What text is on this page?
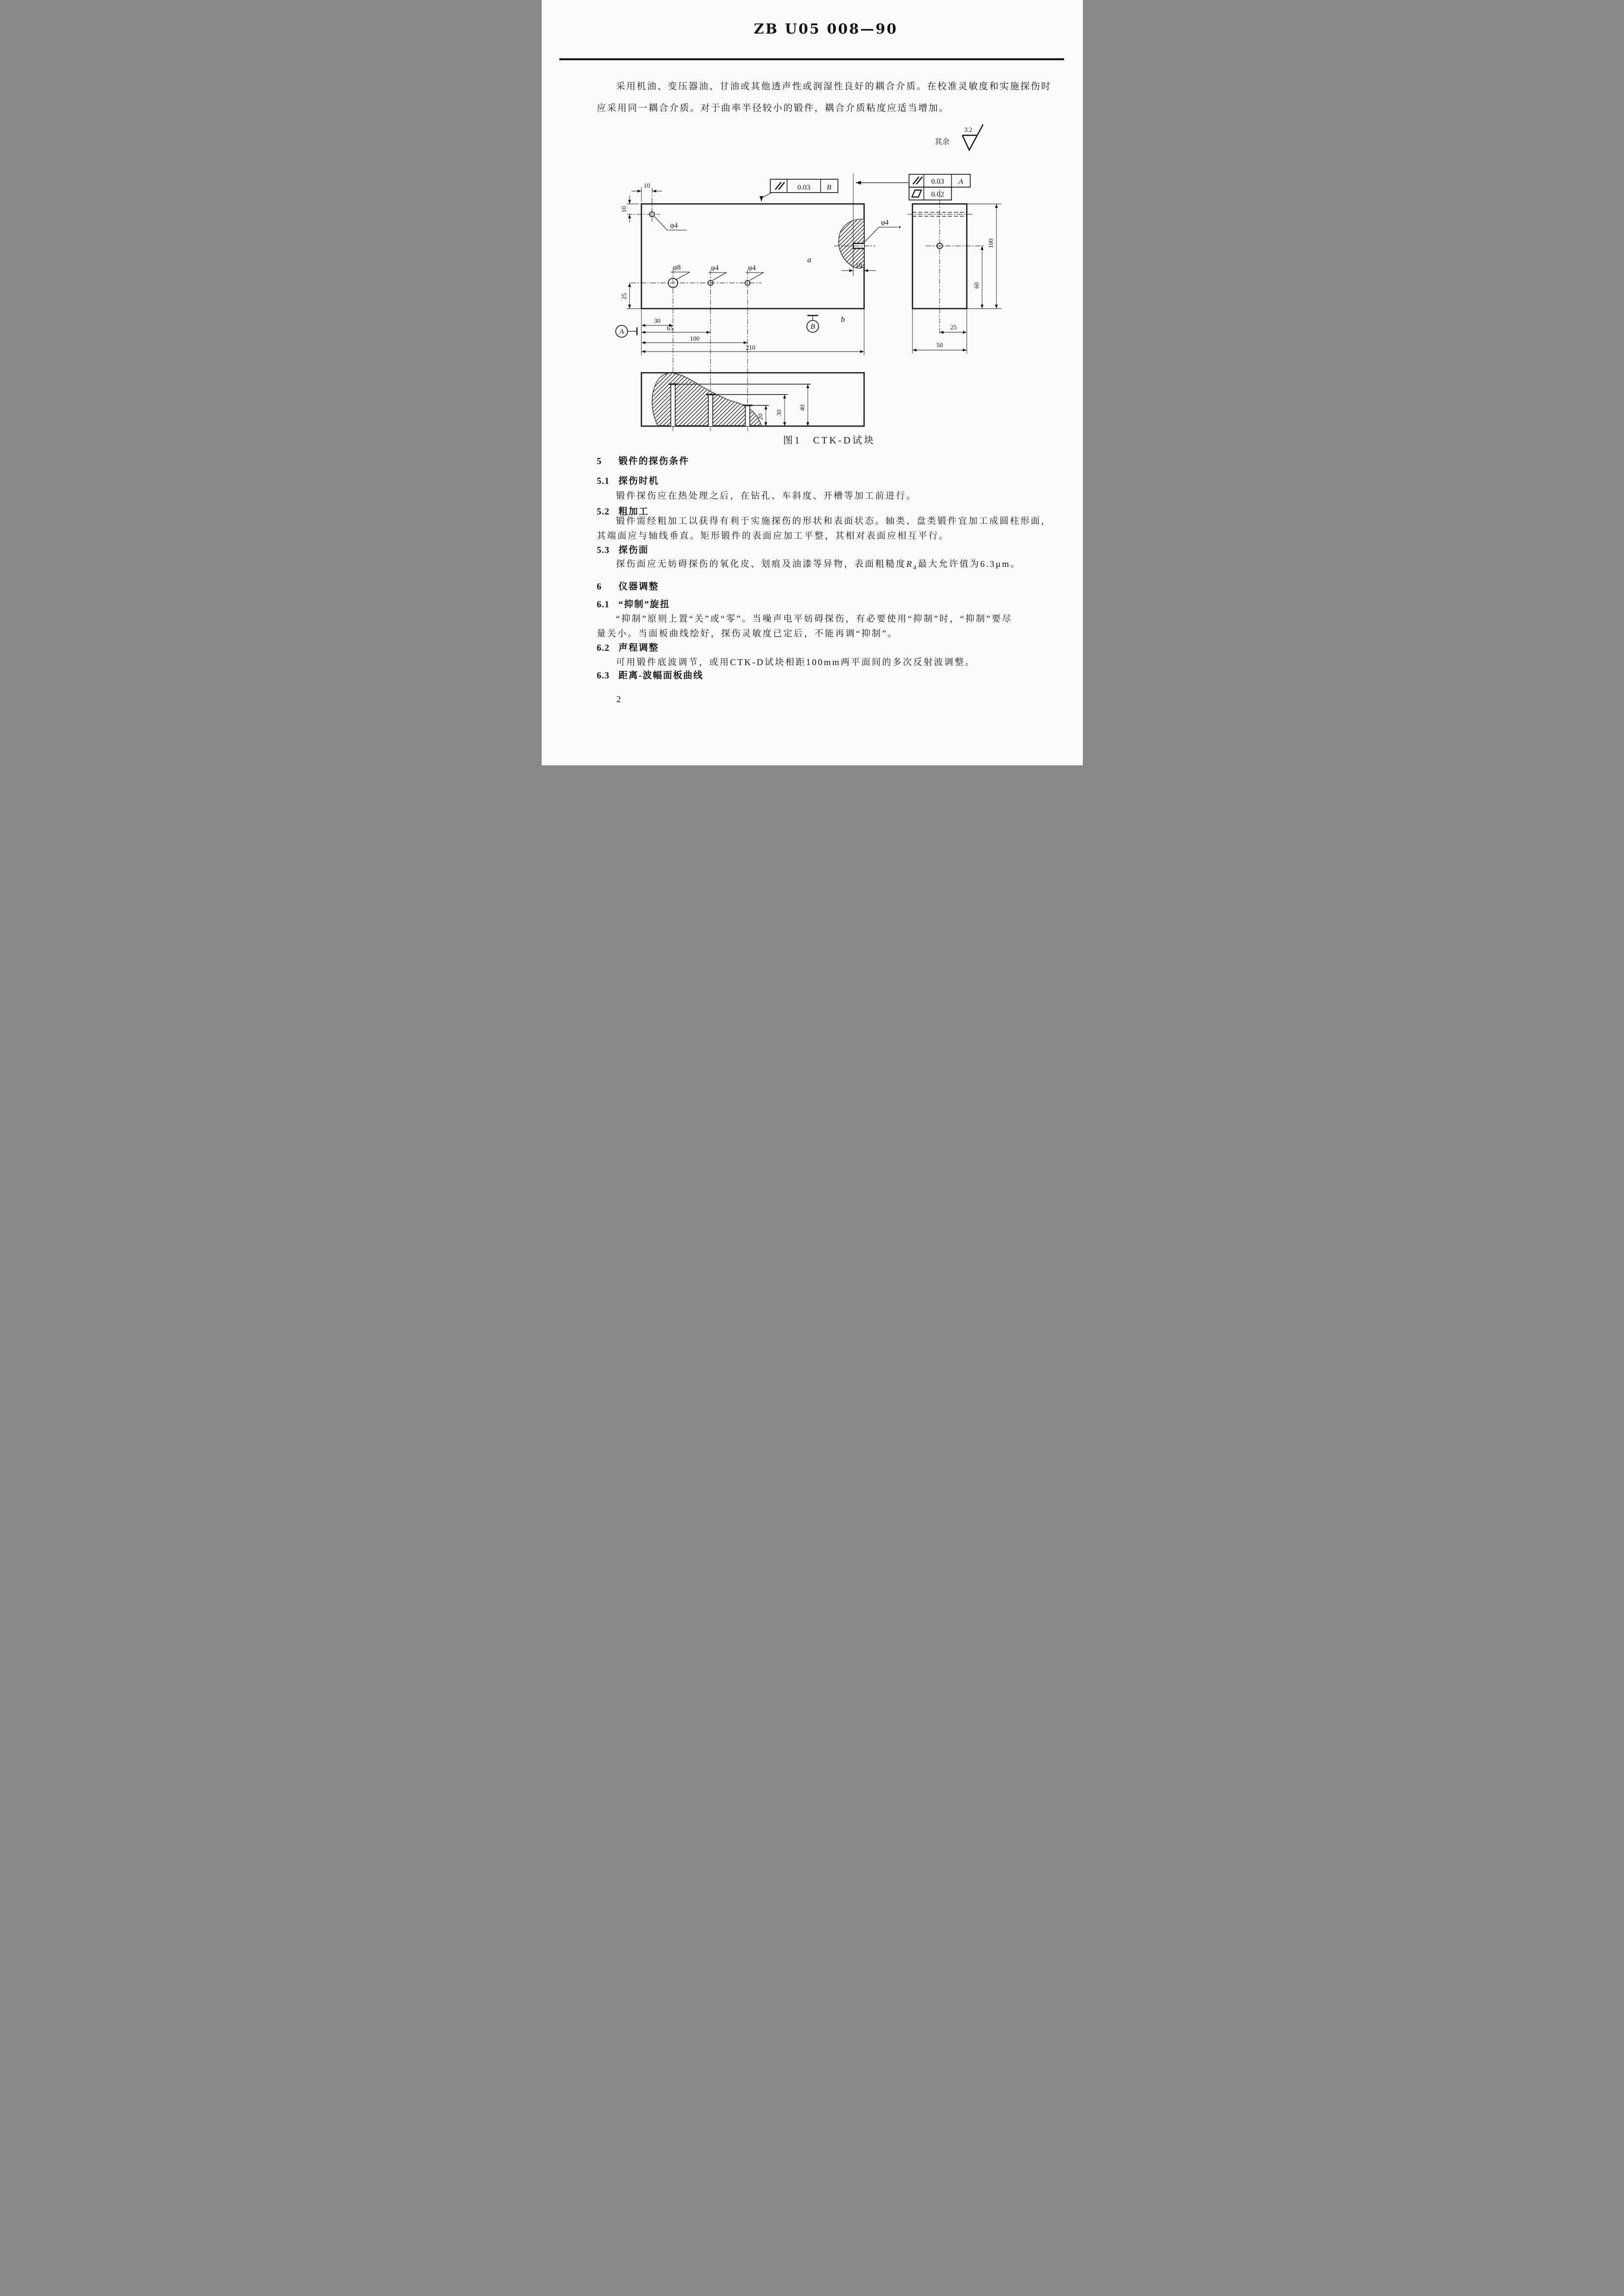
ZB U05 008—90
采用机油、变压器油、甘油或其他透声性或润湿性良好的耦合介质。在校准灵敏度和实施探伤时
应采用同一耦合介质。对于曲率半径较小的锻件，耦合介质粘度应适当增加。
其余
3.2
0.03 B
0.03 A
0.02
φ4
10
10
φ8	φ4	φ4
25
φ4
10
a
b
30
65
100
210
A
B
60
100
25
50
40
30
20
图1　CTK-D试块
5 锻件的探伤条件
5.1 探伤时机
锻件探伤应在热处理之后，在钻孔、车斜度、开槽等加工前进行。
5.2 粗加工
锻件需经粗加工以获得有利于实施探伤的形状和表面状态。轴类、盘类锻件宜加工成圆柱形面，
其端面应与轴线垂直。矩形锻件的表面应加工平整，其相对表面应相互平行。
5.3 探伤面
探伤面应无妨碍探伤的氧化皮、划痕及油漆等异物，表面粗糙度$R_a$最大允许值为6.3μm。
6 仪器调整
6.1 “抑制”旋扭
“抑制”原则上置“关”或“零”。当噪声电平妨碍探伤，有必要使用“抑制”时，“抑制”要尽
量关小。当面板曲线绘好，探伤灵敏度已定后，不能再调“抑制”。
6.2 声程调整
可用锻件底波调节，或用CTK-D试块相距100mm两平面间的多次反射波调整。
6.3 距离-波幅面板曲线
2
